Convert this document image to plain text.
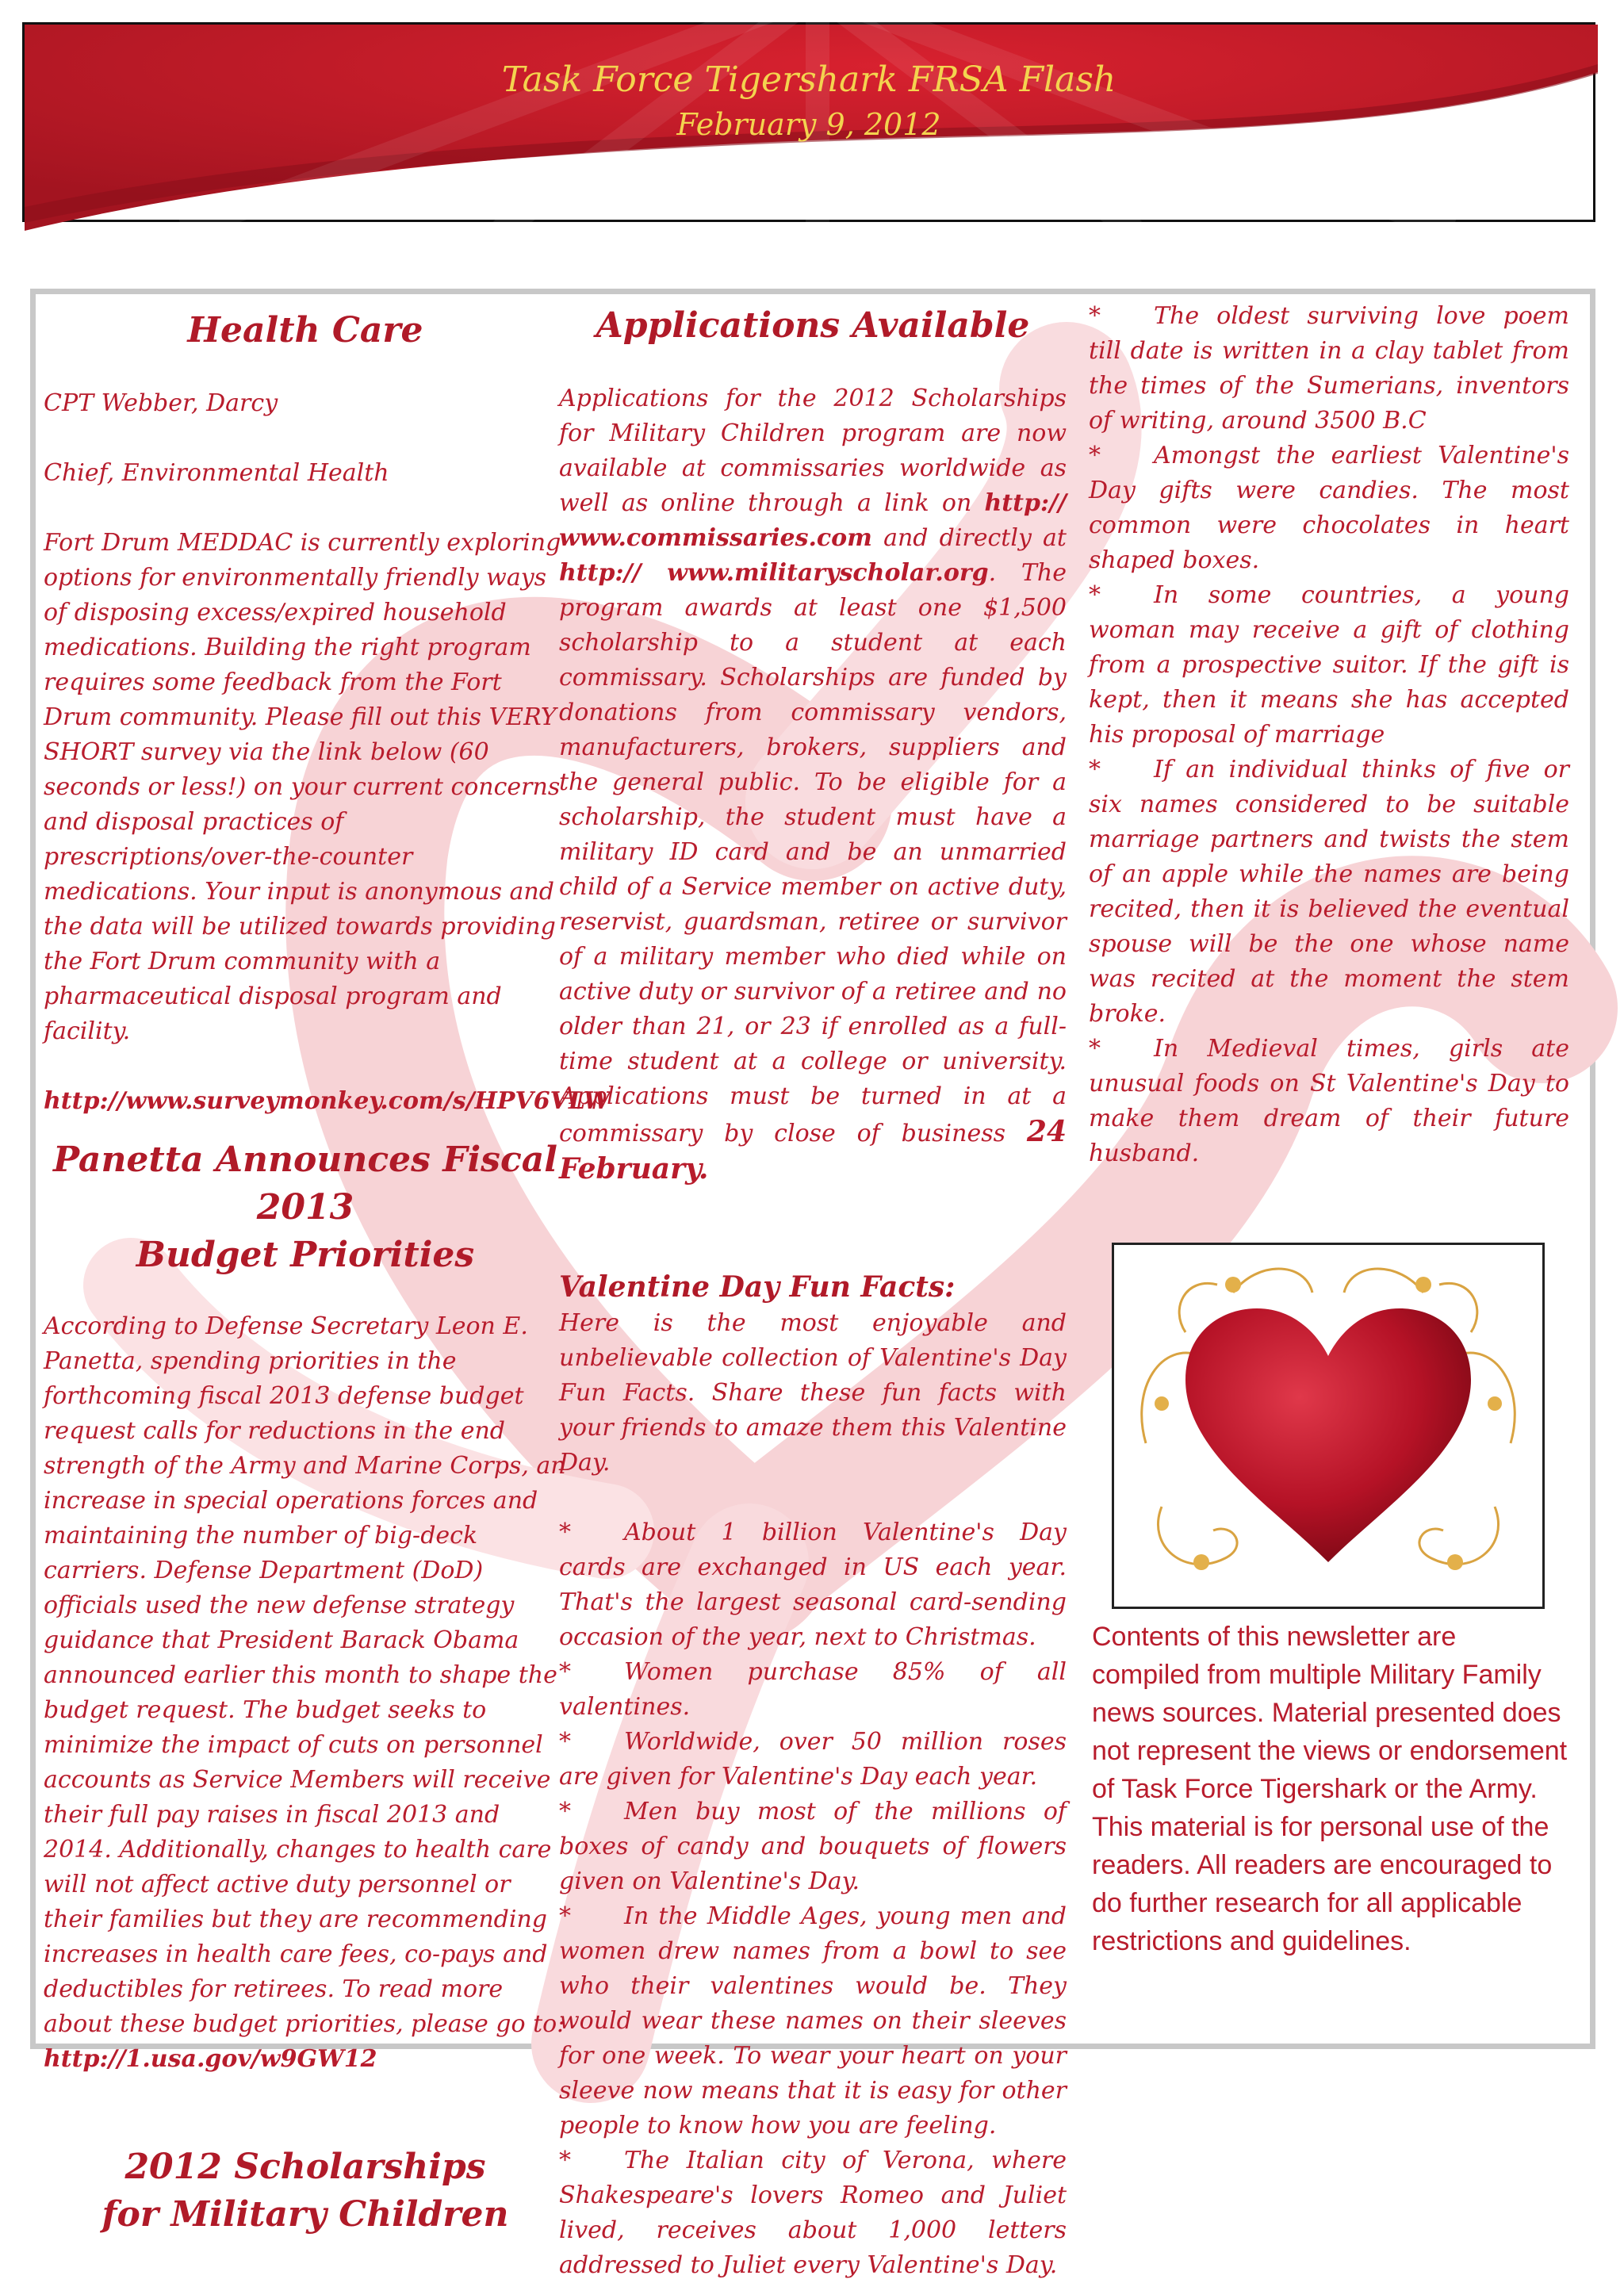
Task Force Tigershark FRSA Flash
February 9, 2012

Health Care

CPT Webber, Darcy

Chief, Environmental Health

Fort Drum MEDDAC is currently exploring options for environmentally friendly ways of disposing excess/expired household medications. Building the right program requires some feedback from the Fort Drum community. Please fill out this VERY SHORT survey via the link below (60 seconds or less!) on your current concerns and disposal practices of prescriptions/over-the-counter medications. Your input is anonymous and the data will be utilized towards providing the Fort Drum community with a pharmaceutical disposal program and facility.

http://www.surveymonkey.com/s/HPV6VLW

Panetta Announces Fiscal 2013

Budget Priorities

According to Defense Secretary Leon E. Panetta, spending priorities in the forthcoming fiscal 2013 defense budget request calls for reductions in the end strength of the Army and Marine Corps, an increase in special operations forces and maintaining the number of big-deck carriers. Defense Department (DoD) officials used the new defense strategy guidance that President Barack Obama announced earlier this month to shape the budget request. The budget seeks to minimize the impact of cuts on personnel accounts as Service Members will receive their full pay raises in fiscal 2013 and 2014. Additionally, changes to health care will not affect active duty personnel or their families but they are recommending increases in health care fees, co-pays and deductibles for retirees. To read more about these budget priorities, please go to: http://1.usa.gov/w9GW12

2012 Scholarships

for Military Children

Applications Available

Applications for the 2012 Scholarships for Military Children program are now available at commissaries worldwide as well as online through a link on http:// www.commissaries.com and directly at http:// www.militaryscholar.org. The program awards at least one $1,500 scholarship to a student at each commissary. Scholarships are funded by donations from commissary vendors, manufacturers, brokers, suppliers and the general public. To be eligible for a scholarship, the student must have a military ID card and be an unmarried child of a Service member on active duty, reservist, guardsman, retiree or survivor of a military member who died while on active duty or survivor of a retiree and no older than 21, or 23 if enrolled as a full-time student at a college or university. Applications must be turned in at a commissary by close of business 24 February.

Valentine Day Fun Facts:

Here is the most enjoyable and unbelievable collection of Valentine's Day Fun Facts. Share these fun facts with your friends to amaze them this Valentine Day.

* About 1 billion Valentine's Day cards are exchanged in US each year. That's the largest seasonal card-sending occasion of the year, next to Christmas.

* Women purchase 85% of all valentines.

* Worldwide, over 50 million roses are given for Valentine's Day each year.

* Men buy most of the millions of boxes of candy and bouquets of flowers given on Valentine's Day.

* In the Middle Ages, young men and women drew names from a bowl to see who their valentines would be. They would wear these names on their sleeves for one week. To wear your heart on your sleeve now means that it is easy for other people to know how you are feeling.

* The Italian city of Verona, where Shakespeare's lovers Romeo and Juliet lived, receives about 1,000 letters addressed to Juliet every Valentine's Day.

* The oldest surviving love poem till date is written in a clay tablet from the times of the Sumerians, inventors of writing, around 3500 B.C

* Amongst the earliest Valentine's Day gifts were candies. The most common were chocolates in heart shaped boxes.

* In some countries, a young woman may receive a gift of clothing from a prospective suitor. If the gift is kept, then it means she has accepted his proposal of marriage

* If an individual thinks of five or six names considered to be suitable marriage partners and twists the stem of an apple while the names are being recited, then it is believed the eventual spouse will be the one whose name was recited at the moment the stem broke.

* In Medieval times, girls ate unusual foods on St Valentine's Day to make them dream of their future husband.

Contents of this newsletter are compiled from multiple Military Family news sources. Material presented does not represent the views or endorsement of Task Force Tigershark or the Army. This material is for personal use of the readers. All readers are encouraged to do further research for all applicable restrictions and guidelines.
